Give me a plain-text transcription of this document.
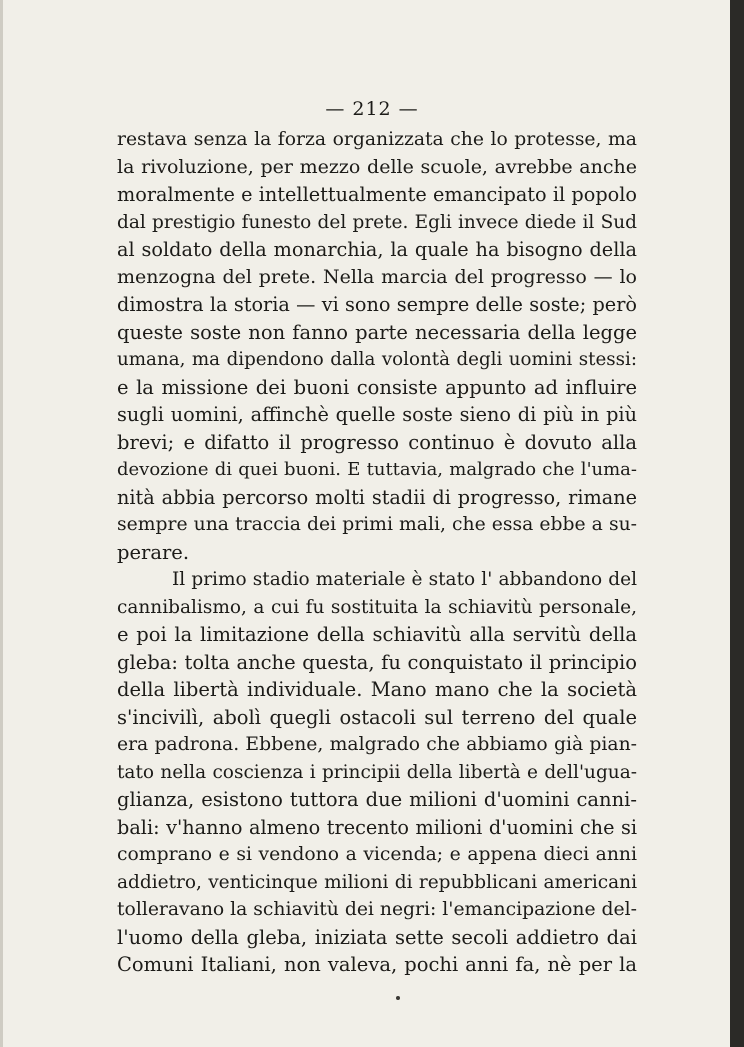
— 212 —
restava senza la forza organizzata che lo protesse, ma
la rivoluzione, per mezzo delle scuole, avrebbe anche
moralmente e intellettualmente emancipato il popolo
dal prestigio funesto del prete. Egli invece diede il Sud
al soldato della monarchia, la quale ha bisogno della
menzogna del prete. Nella marcia del progresso — lo
dimostra la storia — vi sono sempre delle soste; però
queste soste non fanno parte necessaria della legge
umana, ma dipendono dalla volontà degli uomini stessi:
e la missione dei buoni consiste appunto ad influire
sugli uomini, affinchè quelle soste sieno di più in più
brevi; e difatto il progresso continuo è dovuto alla
devozione di quei buoni. E tuttavia, malgrado che l'uma-
nità abbia percorso molti stadii di progresso, rimane
sempre una traccia dei primi mali, che essa ebbe a su-
perare.
Il primo stadio materiale è stato l' abbandono del
cannibalismo, a cui fu sostituita la schiavitù personale,
e poi la limitazione della schiavitù alla servitù della
gleba: tolta anche questa, fu conquistato il principio
della libertà individuale. Mano mano che la società
s'incivilì, abolì quegli ostacoli sul terreno del quale
era padrona. Ebbene, malgrado che abbiamo già pian-
tato nella coscienza i principii della libertà e dell'ugua-
glianza, esistono tuttora due milioni d'uomini canni-
bali: v'hanno almeno trecento milioni d'uomini che si
comprano e si vendono a vicenda; e appena dieci anni
addietro, venticinque milioni di repubblicani americani
tolleravano la schiavitù dei negri: l'emancipazione del-
l'uomo della gleba, iniziata sette secoli addietro dai
Comuni Italiani, non valeva, pochi anni fa, nè per la
